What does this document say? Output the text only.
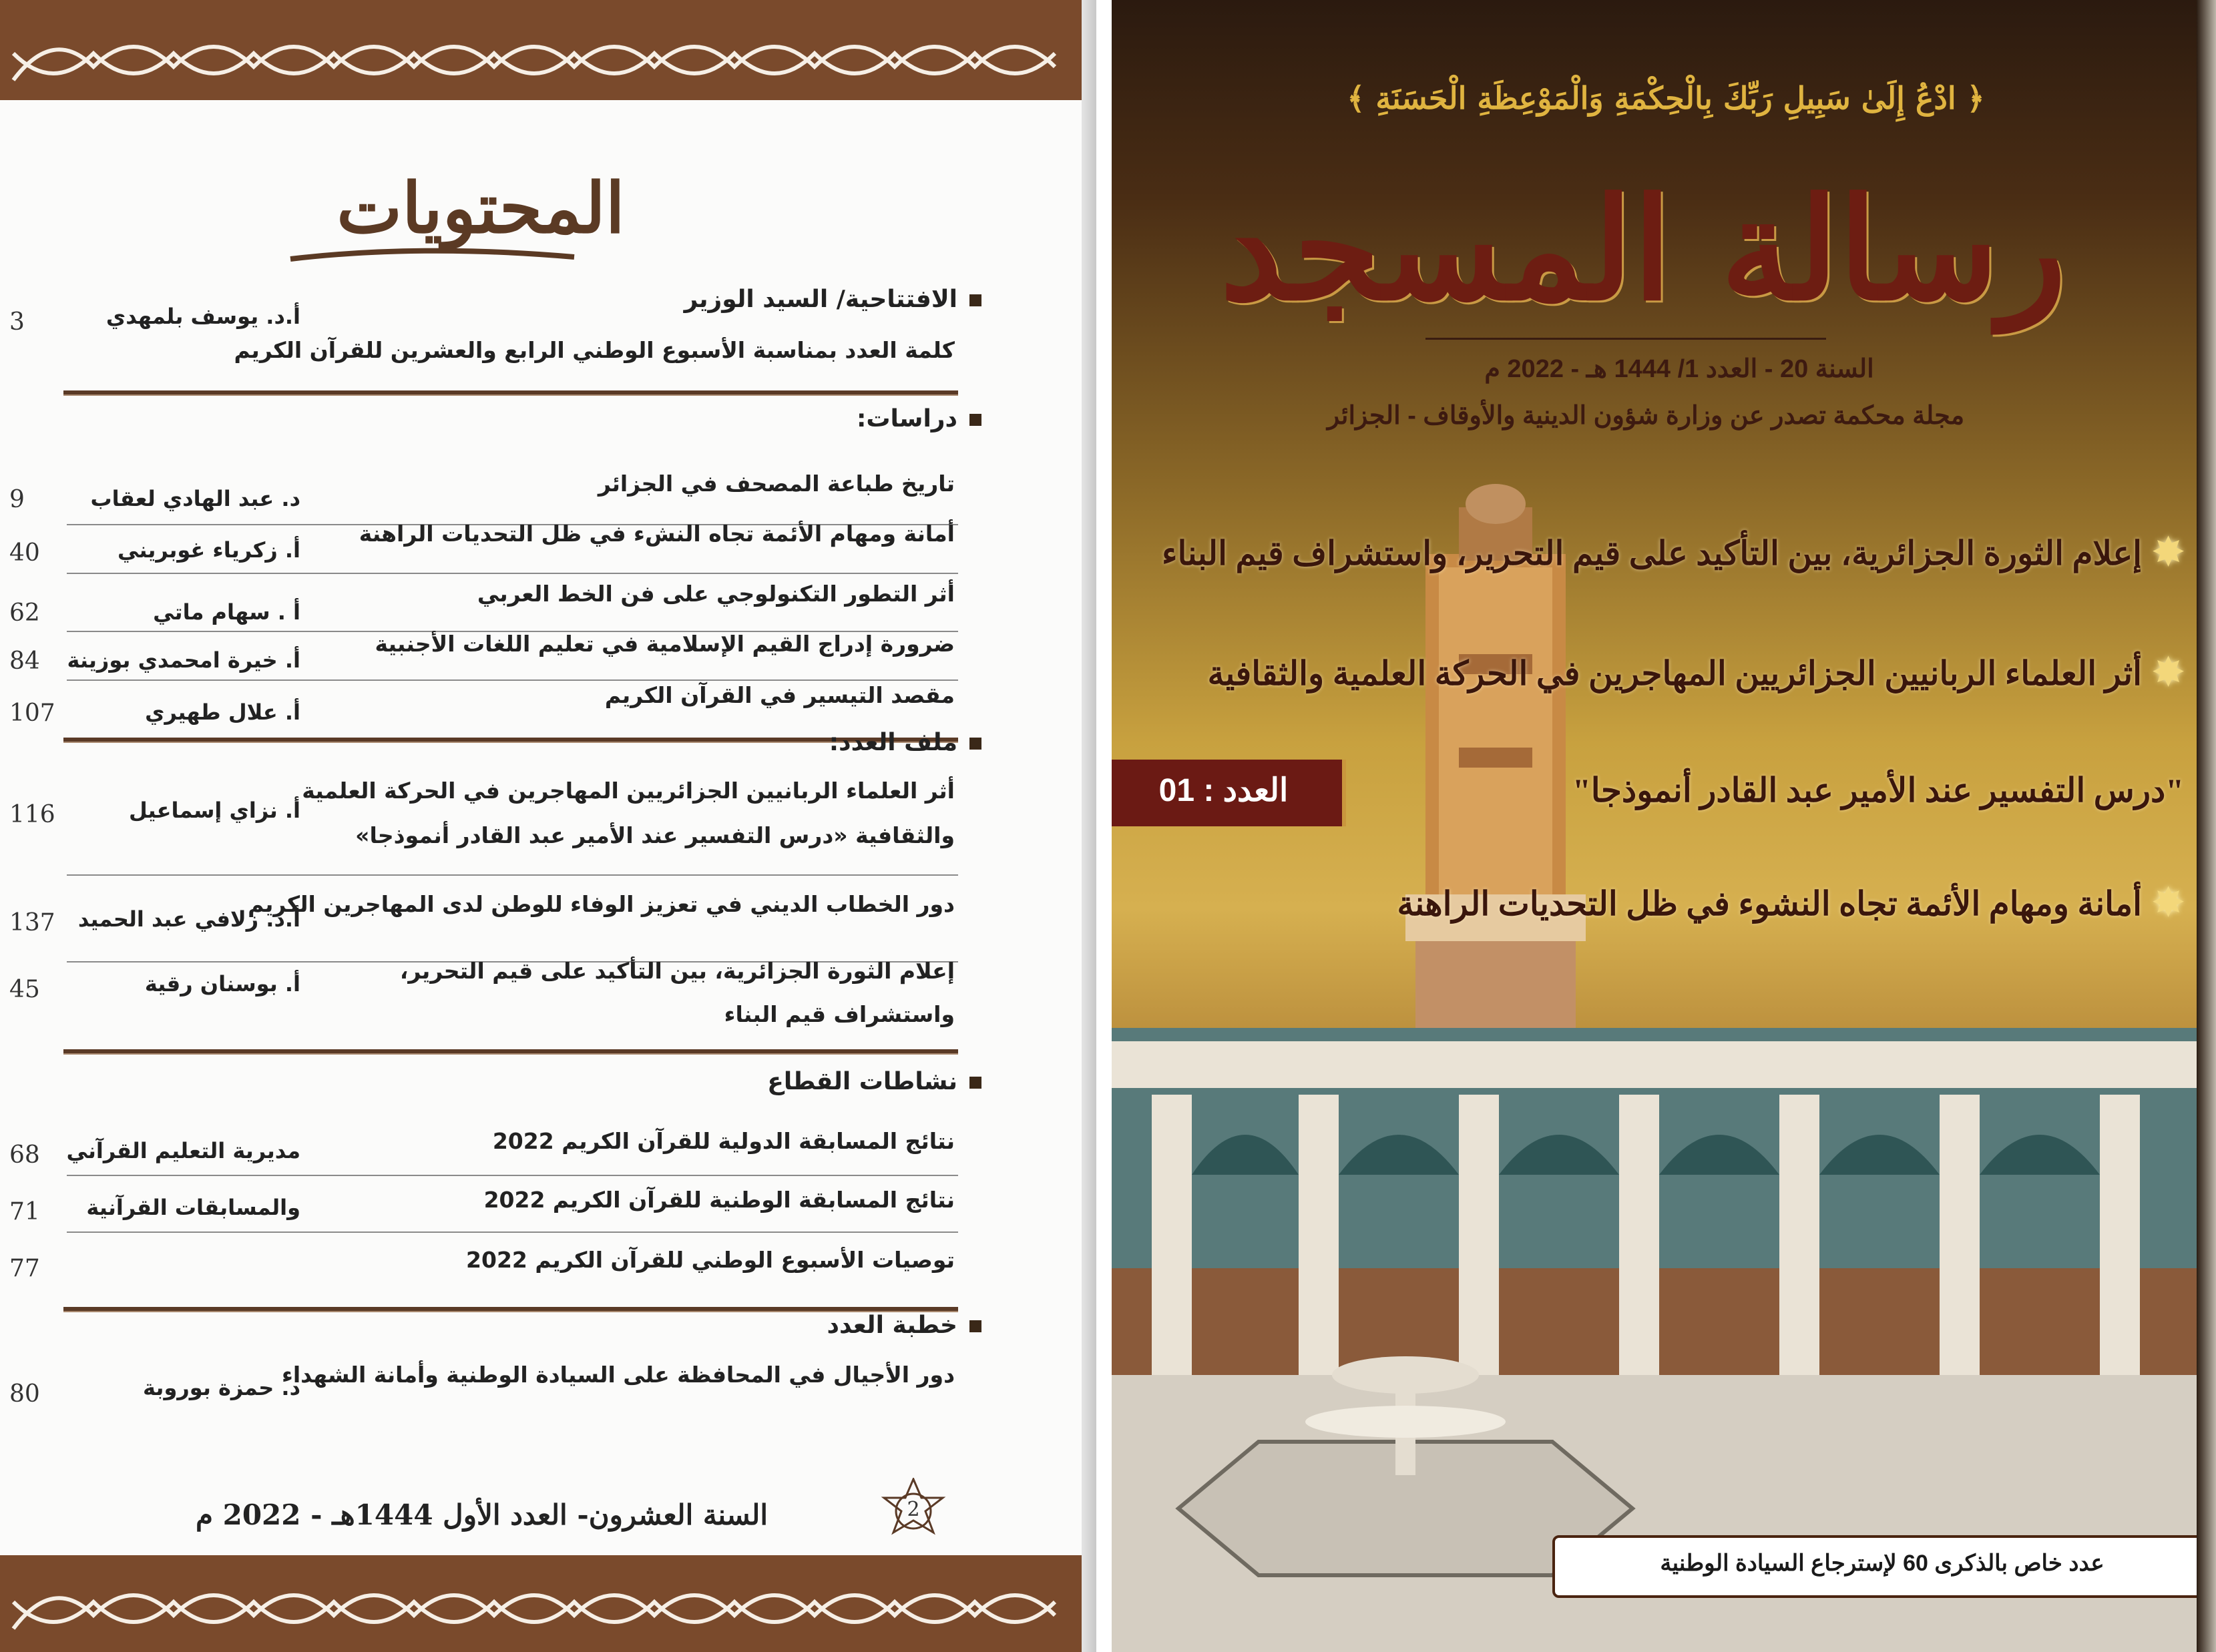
المحتويات
الافتتاحية/ السيد الوزير
أ.د. يوسف بلمهدي
3
كلمة العدد بمناسبة الأسبوع الوطني الرابع والعشرين للقرآن الكريم
دراسات:
تاريخ طباعة المصحف في الجزائر
د. عبد الهادي لعقاب
9
أمانة ومهام الأئمة تجاه النشء في ظل التحديات الراهنة
أ. زكرياء غوبريني
40
أثر التطور التكنولوجي على فن الخط العربي
أ . سهام ماتي
62
ضرورة إدراج القيم الإسلامية في تعليم اللغات الأجنبية
أ. خيرة امحمدي بوزينة
84
مقصد التيسير في القرآن الكريم
أ. علال طهيري
107
ملف العدد:
أثر العلماء الربانيين الجزائريين المهاجرين في الحركة العلمية
والثقافية «درس التفسير عند الأمير عبد القادر أنموذجا»
أ. نزاي إسماعيل
116
دور الخطاب الديني في تعزيز الوفاء للوطن لدى المهاجرين الكريم
أ.د. زلافي عبد الحميد
137
إعلام الثورة الجزائرية، بين التأكيد على قيم التحرير،
واستشراف قيم البناء
أ. بوسنان رقية
45
نشاطات القطاع
نتائج المسابقة الدولية للقرآن الكريم 2022
مديرية التعليم القرآني
68
نتائج المسابقة الوطنية للقرآن الكريم 2022
والمسابقات القرآنية
71
توصيات الأسبوع الوطني للقرآن الكريم 2022
77
خطبة العدد
دور الأجيال في المحافظة على السيادة الوطنية وأمانة الشهداء
د. حمزة بوروبة
80
السنة العشرون- العدد الأول 1444هـ - 2022 م	2
﴿ ادْعُ إِلَىٰ سَبِيلِ رَبِّكَ بِالْحِكْمَةِ وَالْمَوْعِظَةِ الْحَسَنَةِ ﴾
رسالة المسجد
السنة 20 - العدد 1/ 1444 هـ - 2022 م
مجلة محكمة تصدر عن وزارة شؤون الدينية والأوقاف - الجزائر
✸إعلام الثورة الجزائرية، بين التأكيد على قيم التحرير، واستشراف قيم البناء
✸أثر العلماء الربانيين الجزائريين المهاجرين في الحركة العلمية والثقافية
"درس التفسير عند الأمير عبد القادر أنموذجا"
✸أمانة ومهام الأئمة تجاه النشوء في ظل التحديات الراهنة
العدد : 01
عدد خاص بالذكرى 60 لإسترجاع السيادة الوطنية
